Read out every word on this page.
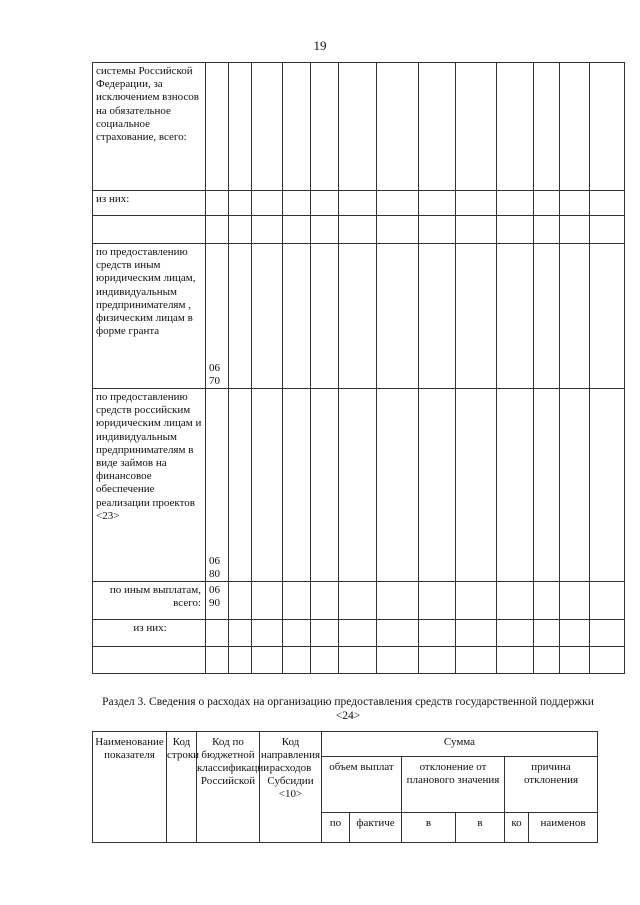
19
системы Российской Федерации, за исключением взносов на обязательное социальное страхование, всего:													
из них:													

по предоставлению средств иным юридическим лицам, индивидуальным предпринимателям , физическим лицам в форме гранта	06 70												
по предоставлению средств российским юридическим лицам и индивидуальным предпринимателям в виде займов на финансовое обеспечение реализации проектов <23>	06 80												
по иным выплатам, всего:	06 90												
из них:													

Раздел 3. Сведения о расходах на организацию предоставления средств государственной поддержки <24>
Наименование показателя	Код строки	Код по бюджетной классификации Российской	Код направления расходов Субсидии <10>	Сумма					
				объем выплат		отклонение от планового значения		причина отклонения	
				по	фактиче	в	в	ко	наименов
